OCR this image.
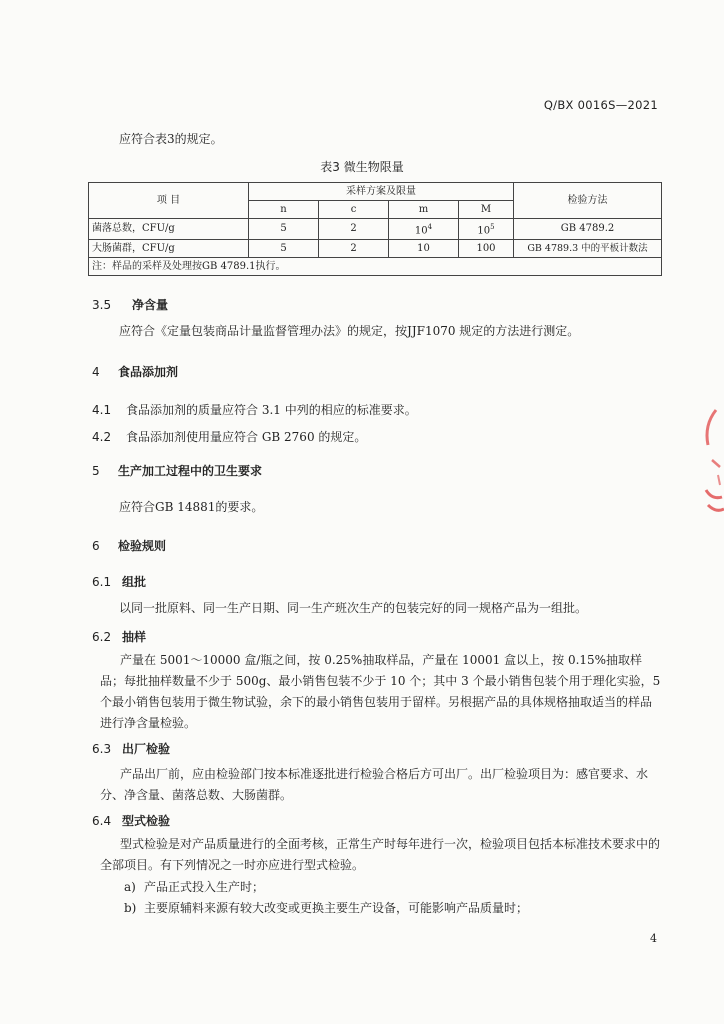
Q/BX 0016S—2021
应符合表3的规定。
表3 微生物限量
项 目	采样方案及限量				检验方法
	n	c	m	M	
菌落总数，CFU/g	5	2	$10^4$	$10^5$	GB 4789.2
大肠菌群，CFU/g	5	2	10	100	GB 4789.3 中的平板计数法
注：样品的采样及处理按GB 4789.1执行。					
3.5 净含量
应符合《定量包装商品计量监督管理办法》的规定，按JJF1070 规定的方法进行测定。
4 食品添加剂
4.1 食品添加剂的质量应符合 3.1 中列的相应的标准要求。
4.2 食品添加剂使用量应符合 GB 2760 的规定。
5 生产加工过程中的卫生要求
应符合GB 14881的要求。
6 检验规则
6.1 组批
以同一批原料、同一生产日期、同一生产班次生产的包装完好的同一规格产品为一组批。
6.2 抽样
产量在 5001～10000 盒/瓶之间，按 0.25%抽取样品，产量在 10001 盒以上，按 0.15%抽取样品；每批抽样数量不少于 500g、最小销售包装不少于 10 个；其中 3 个最小销售包装个用于理化实验，5 个最小销售包装用于微生物试验，余下的最小销售包装用于留样。另根据产品的具体规格抽取适当的样品进行净含量检验。
6.3 出厂检验
产品出厂前，应由检验部门按本标准逐批进行检验合格后方可出厂。出厂检验项目为：感官要求、水分、净含量、菌落总数、大肠菌群。
6.4 型式检验
型式检验是对产品质量进行的全面考核，正常生产时每年进行一次，检验项目包括本标准技术要求中的全部项目。有下列情况之一时亦应进行型式检验。
a) 产品正式投入生产时；
b) 主要原辅料来源有较大改变或更换主要生产设备，可能影响产品质量时；
4
